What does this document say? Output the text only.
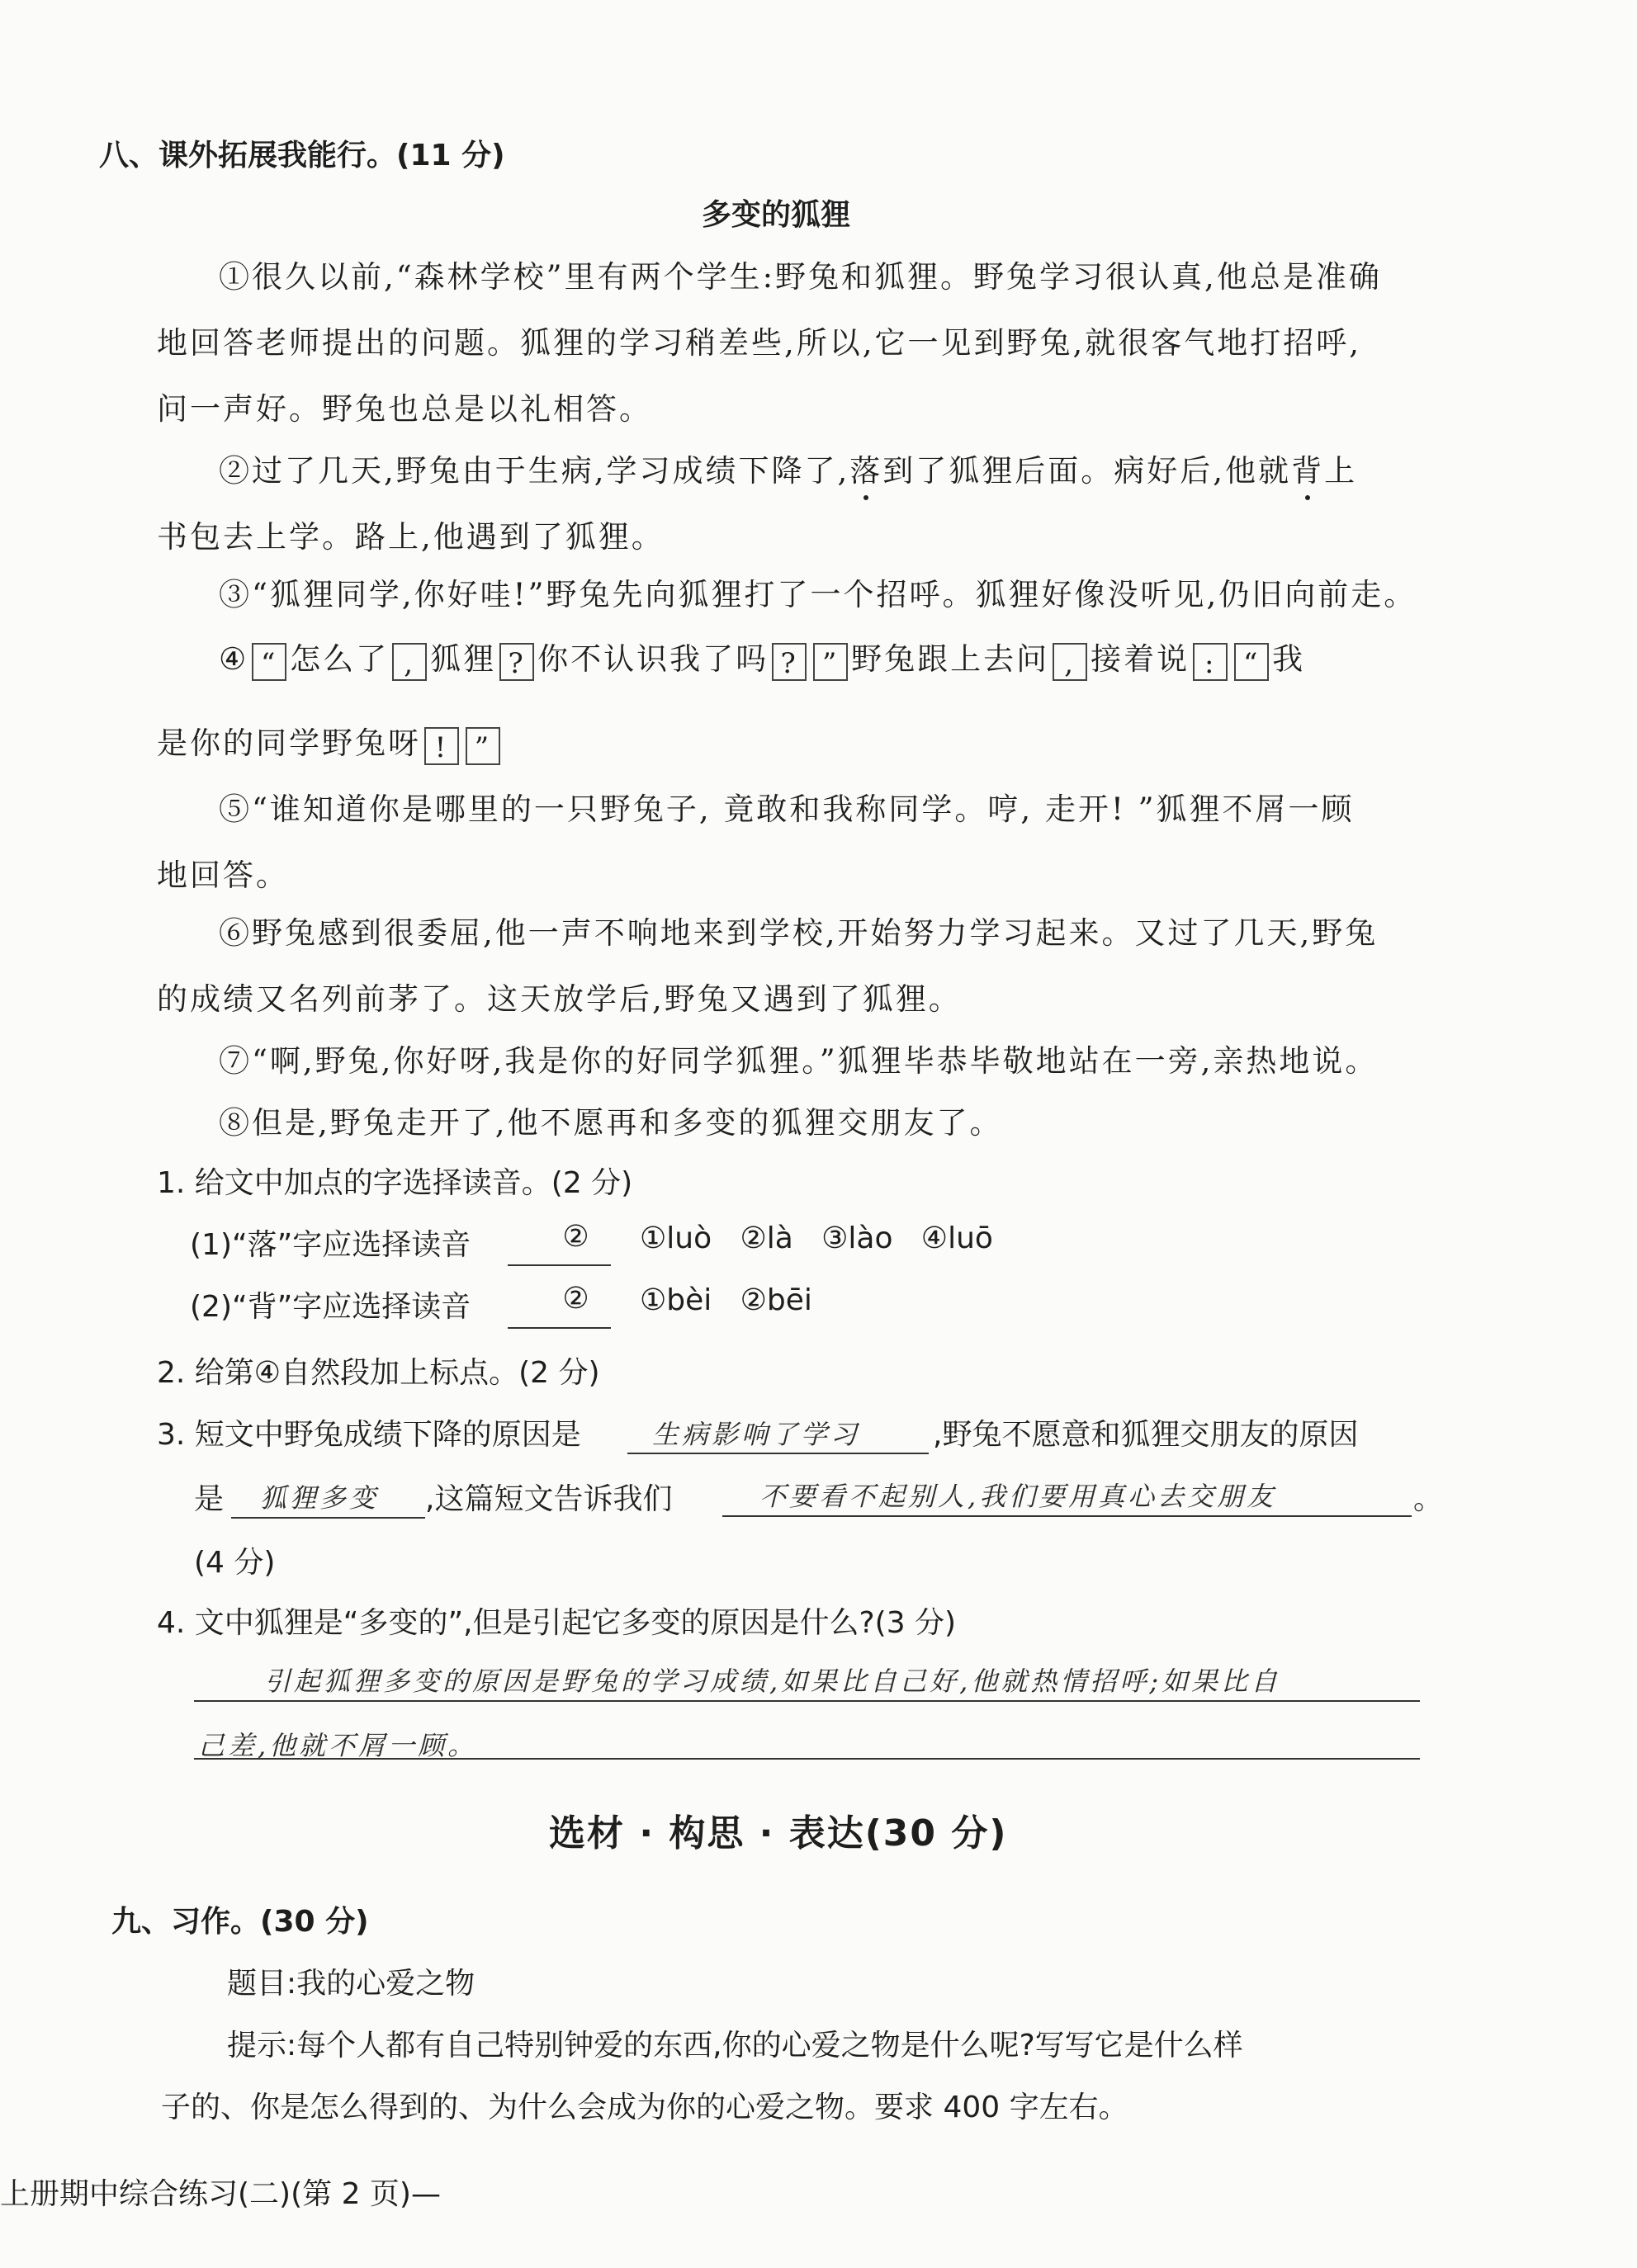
八、课外拓展我能行。(11 分)
多变的狐狸
①很久以前,“森林学校”里有两个学生:野兔和狐狸。野兔学习很认真,他总是准确
地回答老师提出的问题。狐狸的学习稍差些,所以,它一见到野兔,就很客气地打招呼,
问一声好。野兔也总是以礼相答。
②过了几天,野兔由于生病,学习成绩下降了,落到了狐狸后面。病好后,他就背上
书包去上学。路上,他遇到了狐狸。
③“狐狸同学,你好哇!”野兔先向狐狸打了一个招呼。狐狸好像没听见,仍旧向前走。
④ “ 怎么了 , 狐狸 ? 你不认识我了吗 ? ” 野兔跟上去问 , 接着说 : “ 我
是你的同学野兔呀 ! ”
⑤“谁知道你是哪里的一只野兔子, 竟敢和我称同学。哼, 走开! ”狐狸不屑一顾
地回答。
⑥野兔感到很委屈,他一声不响地来到学校,开始努力学习起来。又过了几天,野兔
的成绩又名列前茅了。这天放学后,野兔又遇到了狐狸。
⑦“啊,野兔,你好呀,我是你的好同学狐狸。”狐狸毕恭毕敬地站在一旁,亲热地说。
⑧但是,野兔走开了,他不愿再和多变的狐狸交朋友了。
1. 给文中加点的字选择读音。(2 分)
(1)“落”字应选择读音	②	①luò   ②là   ③lào   ④luō
(2)“背”字应选择读音	②	①bèi   ②bēi
2. 给第④自然段加上标点。(2 分)
3. 短文中野兔成绩下降的原因是	生病影响了学习 ,野兔不愿意和狐狸交朋友的原因
是 狐狸多变 ,这篇短文告诉我们	不要看不起别人,我们要用真心去交朋友	。
(4 分)
4. 文中狐狸是“多变的”,但是引起它多变的原因是什么?(3 分)
引起狐狸多变的原因是野兔的学习成绩,如果比自己好,他就热情招呼;如果比自
己差,他就不屑一顾。
选材 · 构思 · 表达(30 分)
九、习作。(30 分)
题目:我的心爱之物
提示:每个人都有自己特别钟爱的东西,你的心爱之物是什么呢?写写它是什么样
子的、你是怎么得到的、为什么会成为你的心爱之物。要求 400 字左右。
上册期中综合练习(二)(第 2 页)—
